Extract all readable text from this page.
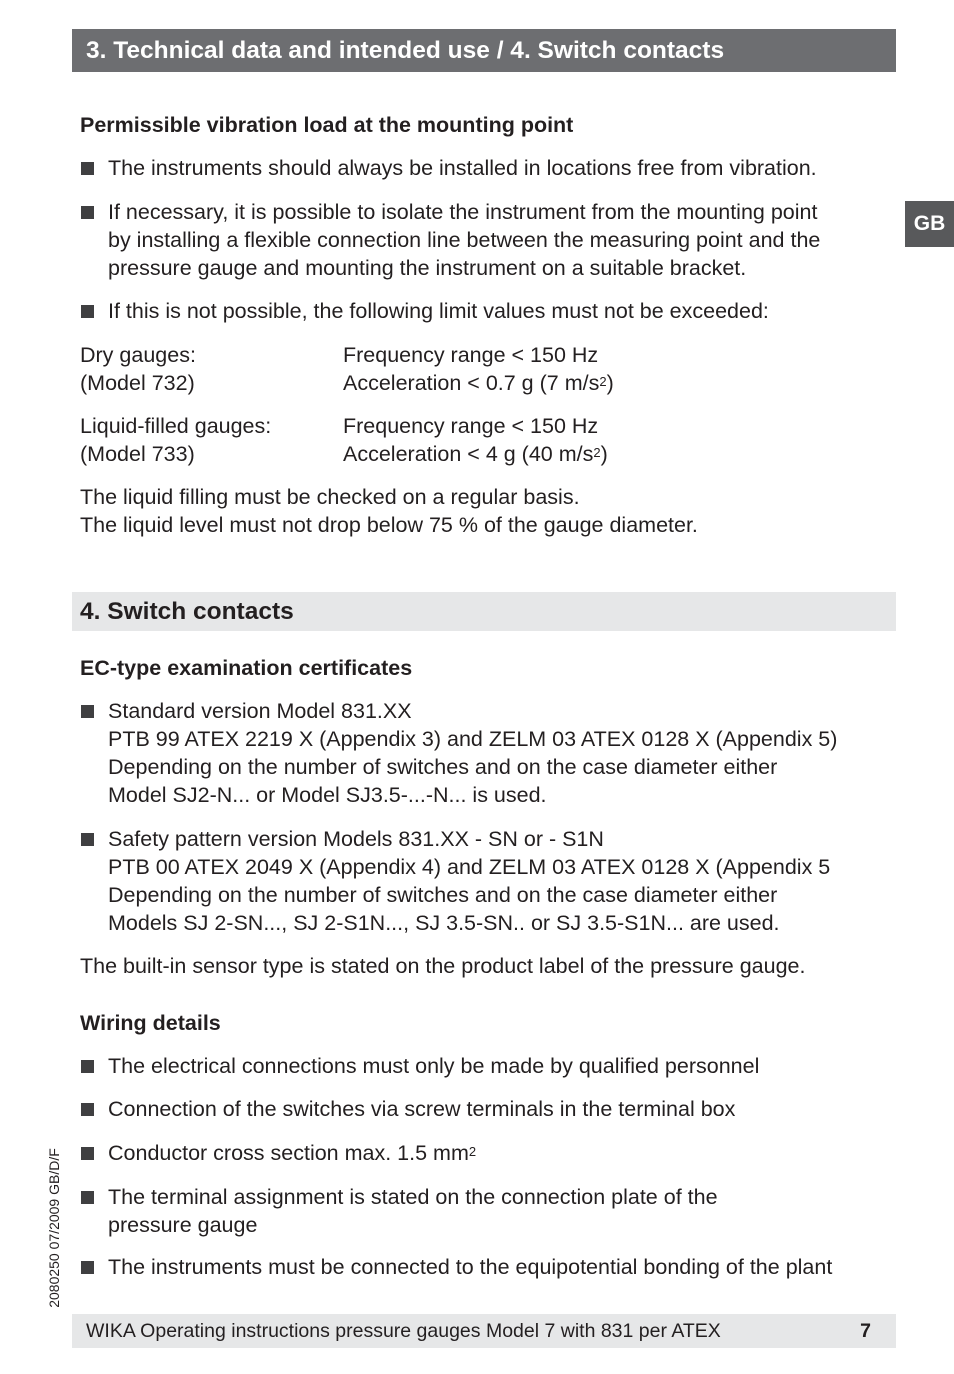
3. Technical data and intended use / 4. Switch contacts
GB
Permissible vibration load at the mounting point
The instruments should always be installed in locations free from vibration.
If necessary, it is possible to isolate the instrument from the mounting point
by installing a flexible connection line between the measuring point and the
pressure gauge and mounting the instrument on a suitable bracket.
If this is not possible, the following limit values must not be exceeded:
Dry gauges:
(Model 732)
Frequency range < 150 Hz
Acceleration < 0.7 g (7 $m/s^2$)
Liquid-filled gauges:
(Model 733)
Frequency range < 150 Hz
Acceleration < 4 g (40 $m/s^2$)
The liquid filling must be checked on a regular basis.
The liquid level must not drop below 75 % of the gauge diameter.
4. Switch contacts
EC-type examination certificates
Standard version Model 831.XX
PTB 99 ATEX 2219 X (Appendix 3) and ZELM 03 ATEX 0128 X (Appendix 5)
Depending on the number of switches and on the case diameter either
Model SJ2-N... or Model SJ3.5-...-N... is used.
Safety pattern version Models 831.XX - SN or - S1N
PTB 00 ATEX 2049 X (Appendix 4) and ZELM 03 ATEX 0128 X (Appendix 5
Depending on the number of switches and on the case diameter either
Models SJ 2-SN..., SJ 2-S1N..., SJ 3.5-SN.. or SJ 3.5-S1N... are used.
The built-in sensor type is stated on the product label of the pressure gauge.
Wiring details
The electrical connections must only be made by qualified personnel
Connection of the switches via screw terminals in the terminal box
Conductor cross section max. 1.5 $mm^2$
The terminal assignment is stated on the connection plate of the
pressure gauge
The instruments must be connected to the equipotential bonding of the plant
2080250 07/2009 GB/D/F
WIKA Operating instructions pressure gauges Model 7 with 831 per ATEX	7
